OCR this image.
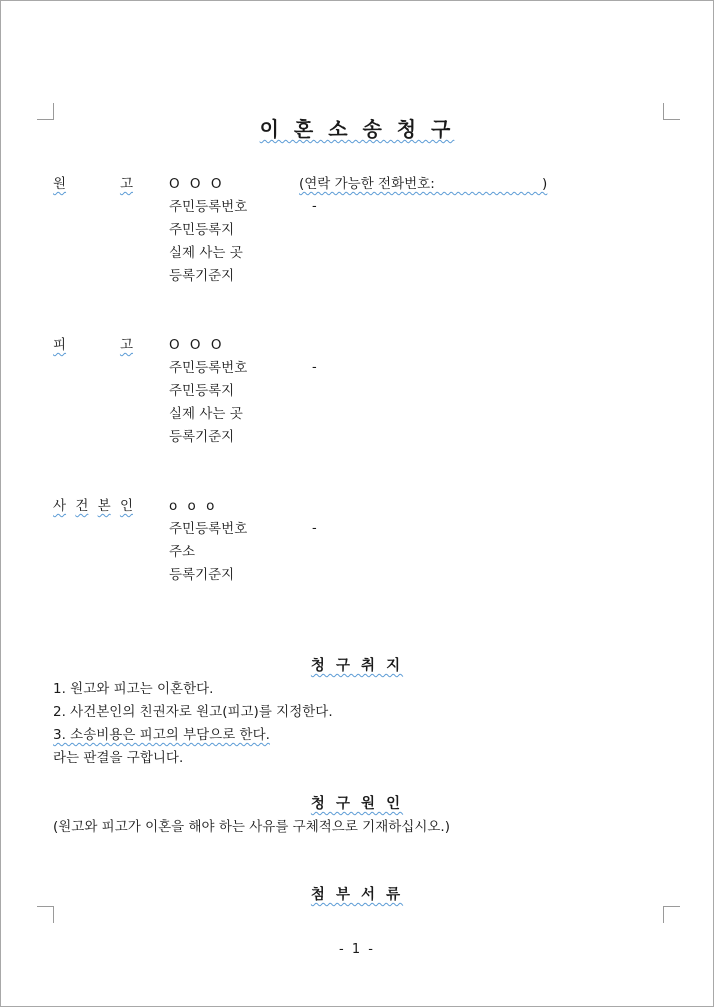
이 혼 소 송 청 구
원	고	O O O	(연락 가능한 전화번호:                         )
주민등록번호	-
주민등록지
실제 사는 곳
등록기준지
피	고	O O O
주민등록번호	-
주민등록지
실제 사는 곳
등록기준지
사 건 본 인	o o o
주민등록번호	-
주소
등록기준지
청 구 취 지
1. 원고와 피고는 이혼한다.
2. 사건본인의 친권자로 원고(피고)를 지정한다.
3. 소송비용은 피고의 부담으로 한다.
라는 판결을 구합니다.
청 구 원 인
(원고와 피고가 이혼을 해야 하는 사유를 구체적으로 기재하십시오.)
첨 부 서 류
- 1 -
